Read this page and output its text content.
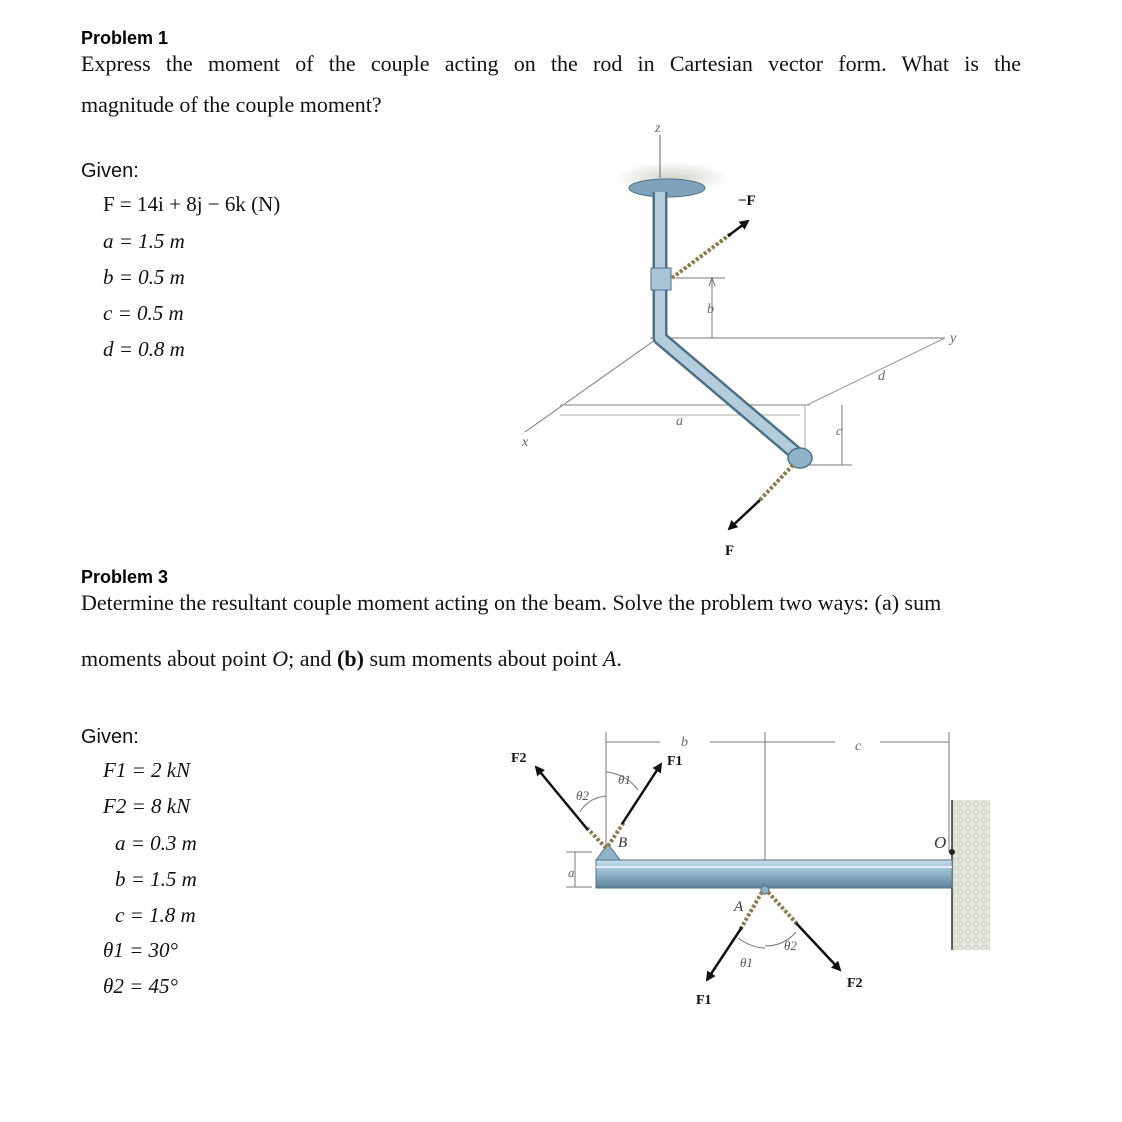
Problem 1
Express the moment of the couple acting on the rod in Cartesian vector form. What is the
magnitude of the couple moment?
Given:
F = 14i + 8j − 6k (N)
a = 1.5 m
b = 0.5 m
c = 0.5 m
d = 0.8 m
z
x
y
b
a
c
d
−F
F
Problem 3
Determine the resultant couple moment acting on the beam. Solve the problem two ways: (a) sum
moments about point O; and (b) sum moments about point A.
Given:
F1 = 2 kN
F2 = 8 kN
a = 0.3 m
b = 1.5 m
c = 1.8 m
θ1 = 30°
θ2 = 45°
b	c
a
O
B
F2	F1
θ2
θ1
A
F1
F2
θ1
θ2
